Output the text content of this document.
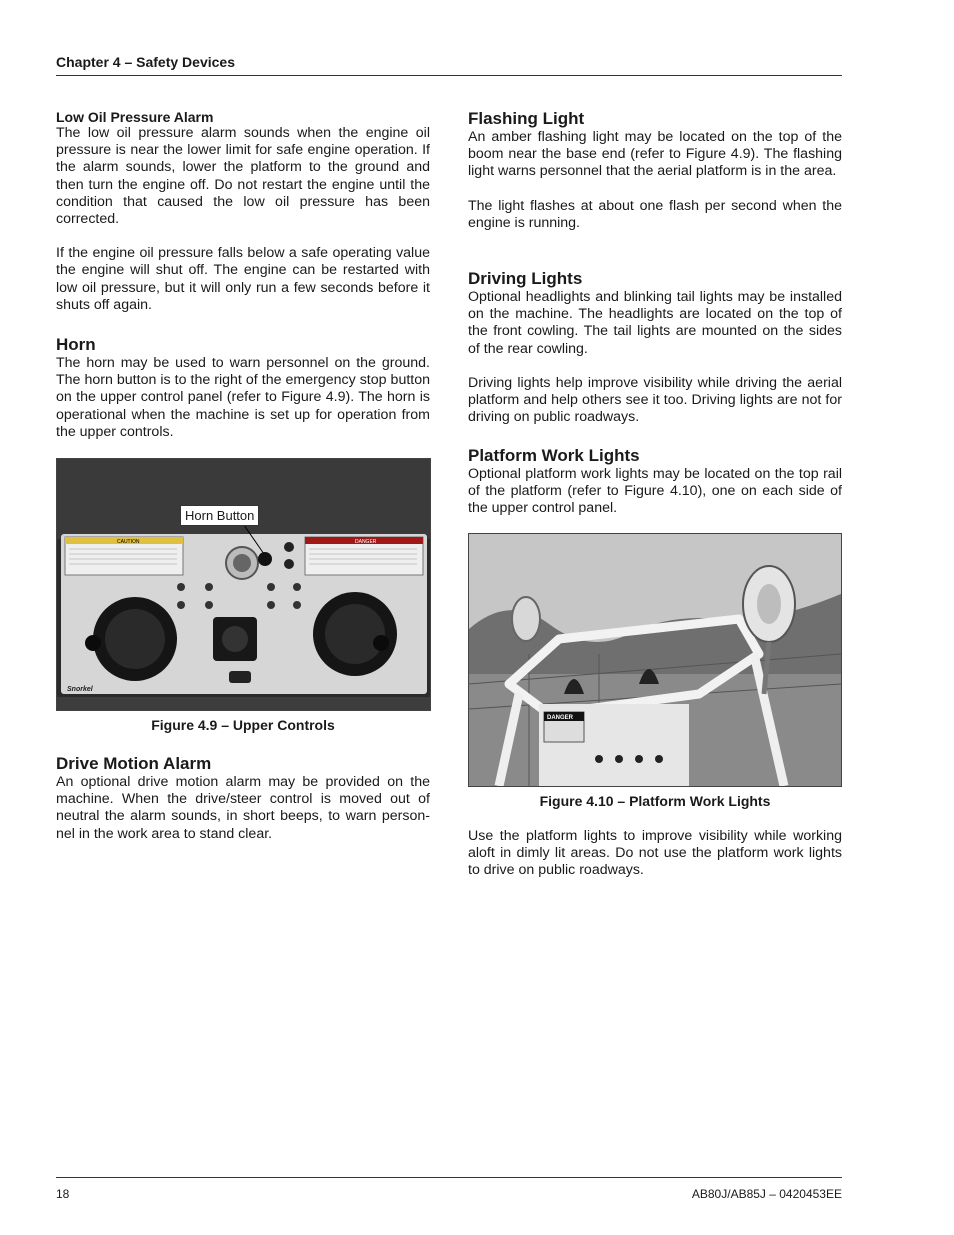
Chapter 4 – Safety Devices
Low Oil Pressure Alarm

The low oil pressure alarm sounds when the engine oil pressure is near the lower limit for safe engine operation. If the alarm sounds, lower the platform to the ground and then turn the engine off. Do not restart the engine until the condition that caused the low oil pressure has been corrected.

If the engine oil pressure falls below a safe operating value the engine will shut off. The engine can be restarted with low oil pressure, but it will only run a few seconds before it shuts off again.

Horn

The horn may be used to warn personnel on the ground. The horn button is to the right of the emergency stop button on the upper control panel (refer to Figure 4.9). The horn is operational when the machine is set up for operation from the upper controls.

CAUTION	DANGER
Snorkel
Horn Button

Figure 4.9 – Upper Controls

Drive Motion Alarm

An optional drive motion alarm may be provided on the machine. When the drive/steer control is moved out of neutral the alarm sounds, in short beeps, to warn person-nel in the work area to stand clear.

Flashing Light

An amber flashing light may be located on the top of the boom near the base end (refer to Figure 4.9). The flashing light warns personnel that the aerial platform is in the area.

The light flashes at about one flash per second when the engine is running.

Driving Lights

Optional headlights and blinking tail lights may be installed on the machine. The headlights are located on the top of the front cowling. The tail lights are mounted on the sides of the rear cowling.

Driving lights help improve visibility while driving the aerial platform and help others see it too. Driving lights are not for driving on public roadways.

Platform Work Lights

Optional platform work lights may be located on the top rail of the platform (refer to Figure 4.10), one on each side of the upper control panel.

DANGER

Figure 4.10 – Platform Work Lights

Use the platform lights to improve visibility while working aloft in dimly lit areas. Do not use the platform work lights to drive on public roadways.

18	AB80J/AB85J – 0420453EE
